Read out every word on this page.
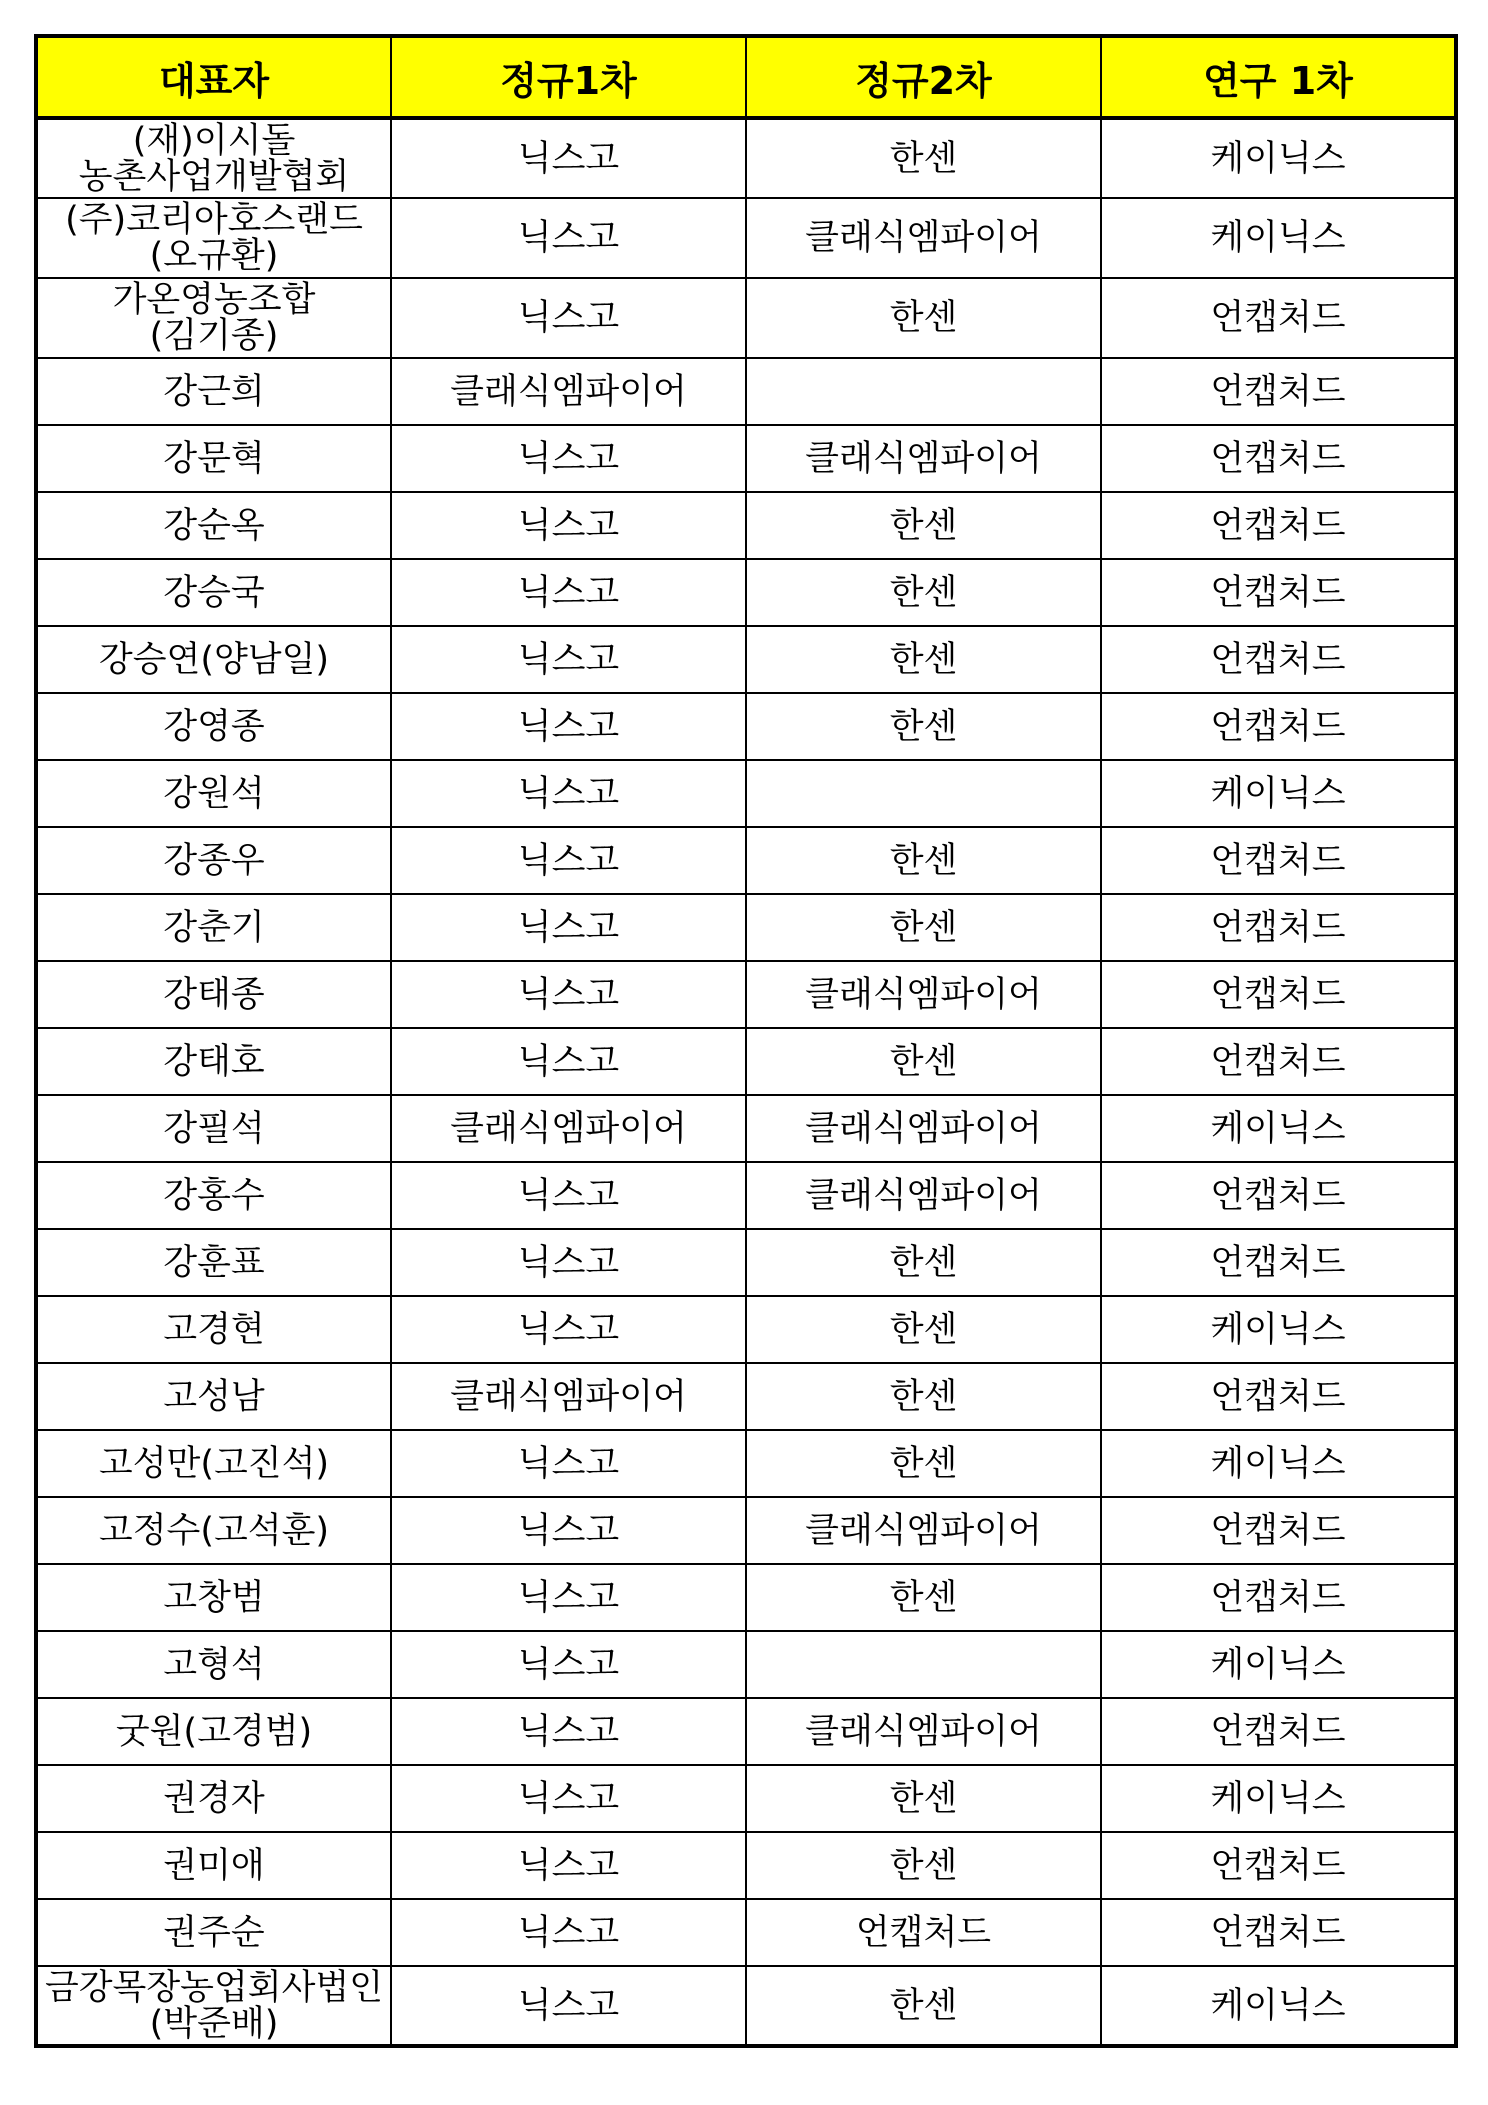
대표자	정규1차	정규2차	연구 1차

(재)이시돌
농촌사업개발협회	닉스고	한센	케이닉스

(주)코리아호스랜드
(오규환)	닉스고	클래식엠파이어	케이닉스

가온영농조합
(김기종)	닉스고	한센	언캡처드

강근희	클래식엠파이어		언캡처드

강문혁	닉스고	클래식엠파이어	언캡처드

강순옥	닉스고	한센	언캡처드

강승국	닉스고	한센	언캡처드

강승연(양남일)	닉스고	한센	언캡처드

강영종	닉스고	한센	언캡처드

강원석	닉스고		케이닉스

강종우	닉스고	한센	언캡처드

강춘기	닉스고	한센	언캡처드

강태종	닉스고	클래식엠파이어	언캡처드

강태호	닉스고	한센	언캡처드

강필석	클래식엠파이어	클래식엠파이어	케이닉스

강홍수	닉스고	클래식엠파이어	언캡처드

강훈표	닉스고	한센	언캡처드

고경현	닉스고	한센	케이닉스

고성남	클래식엠파이어	한센	언캡처드

고성만(고진석)	닉스고	한센	케이닉스

고정수(고석훈)	닉스고	클래식엠파이어	언캡처드

고창범	닉스고	한센	언캡처드

고형석	닉스고		케이닉스

굿원(고경범)	닉스고	클래식엠파이어	언캡처드

권경자	닉스고	한센	케이닉스

권미애	닉스고	한센	언캡처드

권주순	닉스고	언캡처드	언캡처드

금강목장농업회사법인
(박준배)	닉스고	한센	케이닉스
